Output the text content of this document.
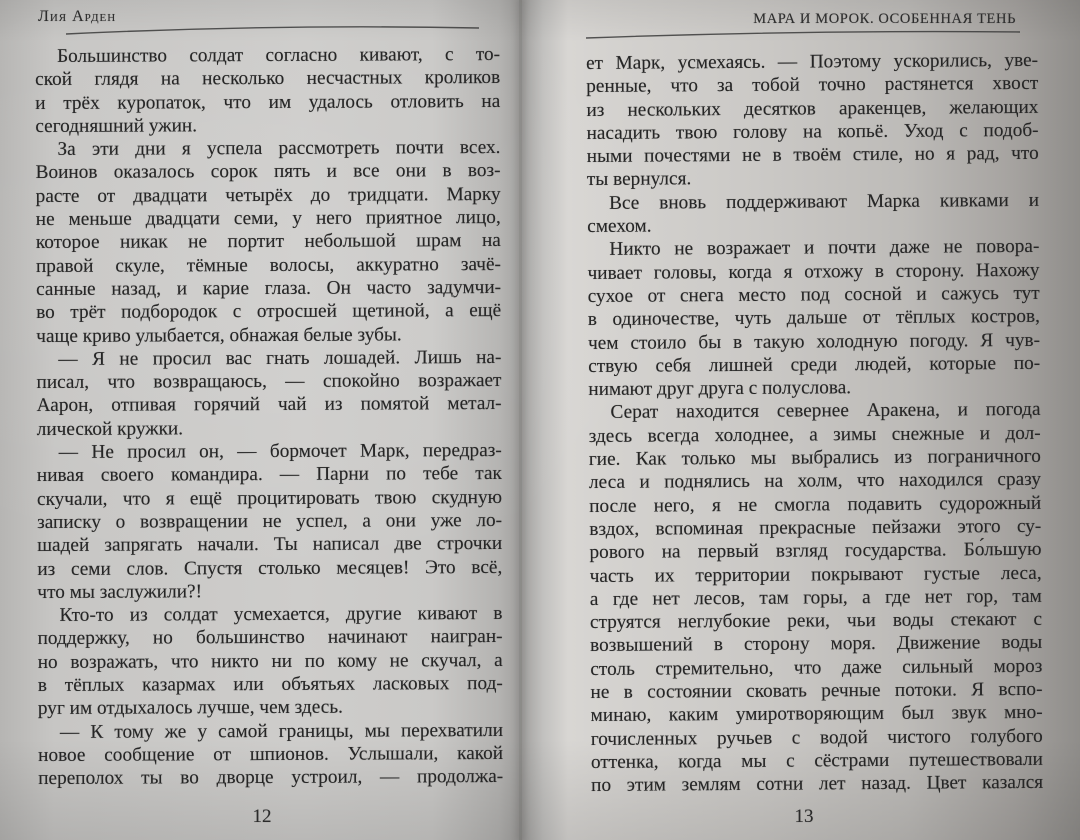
Лия Арден
Большинство солдат согласно кивают, с то-
ской глядя на несколько несчастных кроликов
и трёх куропаток, что им удалось отловить на
сегодняшний ужин.
За эти дни я успела рассмотреть почти всех.
Воинов оказалось сорок пять и все они в воз-
расте от двадцати четырёх до тридцати. Марку
не меньше двадцати семи, у него приятное лицо,
которое никак не портит небольшой шрам на
правой скуле, тёмные волосы, аккуратно зачё-
санные назад, и карие глаза. Он часто задумчи-
во трёт подбородок с отросшей щетиной, а ещё
чаще криво улыбается, обнажая белые зубы.
— Я не просил вас гнать лошадей. Лишь на-
писал, что возвращаюсь, — спокойно возражает
Аарон, отпивая горячий чай из помятой метал-
лической кружки.
— Не просил он, — бормочет Марк, передраз-
нивая своего командира. — Парни по тебе так
скучали, что я ещё процитировать твою скудную
записку о возвращении не успел, а они уже ло-
шадей запрягать начали. Ты написал две строчки
из семи слов. Спустя столько месяцев! Это всё,
что мы заслужили?!
Кто-то из солдат усмехается, другие кивают в
поддержку, но большинство начинают наигран-
но возражать, что никто ни по кому не скучал, а
в тёплых казармах или объятьях ласковых под-
руг им отдыхалось лучше, чем здесь.
— К тому же у самой границы, мы перехватили
новое сообщение от шпионов. Услышали, какой
переполох ты во дворце устроил, — продолжа-
12
МАРА И МОРОК. ОСОБЕННАЯ ТЕНЬ
ет Марк, усмехаясь. — Поэтому ускорились, уве-
ренные, что за тобой точно растянется хвост
из нескольких десятков аракенцев, желающих
насадить твою голову на копьё. Уход с подоб-
ными почестями не в твоём стиле, но я рад, что
ты вернулся.
Все вновь поддерживают Марка кивками и
смехом.
Никто не возражает и почти даже не повора-
чивает головы, когда я отхожу в сторону. Нахожу
сухое от снега место под сосной и сажусь тут
в одиночестве, чуть дальше от тёплых костров,
чем стоило бы в такую холодную погоду. Я чув-
ствую себя лишней среди людей, которые по-
нимают друг друга с полуслова.
Серат находится севернее Аракена, и погода
здесь всегда холоднее, а зимы снежные и дол-
гие. Как только мы выбрались из пограничного
леса и поднялись на холм, что находился сразу
после него, я не смогла подавить судорожный
вздох, вспоминая прекрасные пейзажи этого су-
рового на первый взгляд государства. Бо́льшую
часть их территории покрывают густые леса,
а где нет лесов, там горы, а где нет гор, там
струятся неглубокие реки, чьи воды стекают с
возвышений в сторону моря. Движение воды
столь стремительно, что даже сильный мороз
не в состоянии сковать речные потоки. Я вспо-
минаю, каким умиротворяющим был звук мно-
гочисленных ручьев с водой чистого голубого
оттенка, когда мы с сёстрами путешествовали
по этим землям сотни лет назад. Цвет казался
13
